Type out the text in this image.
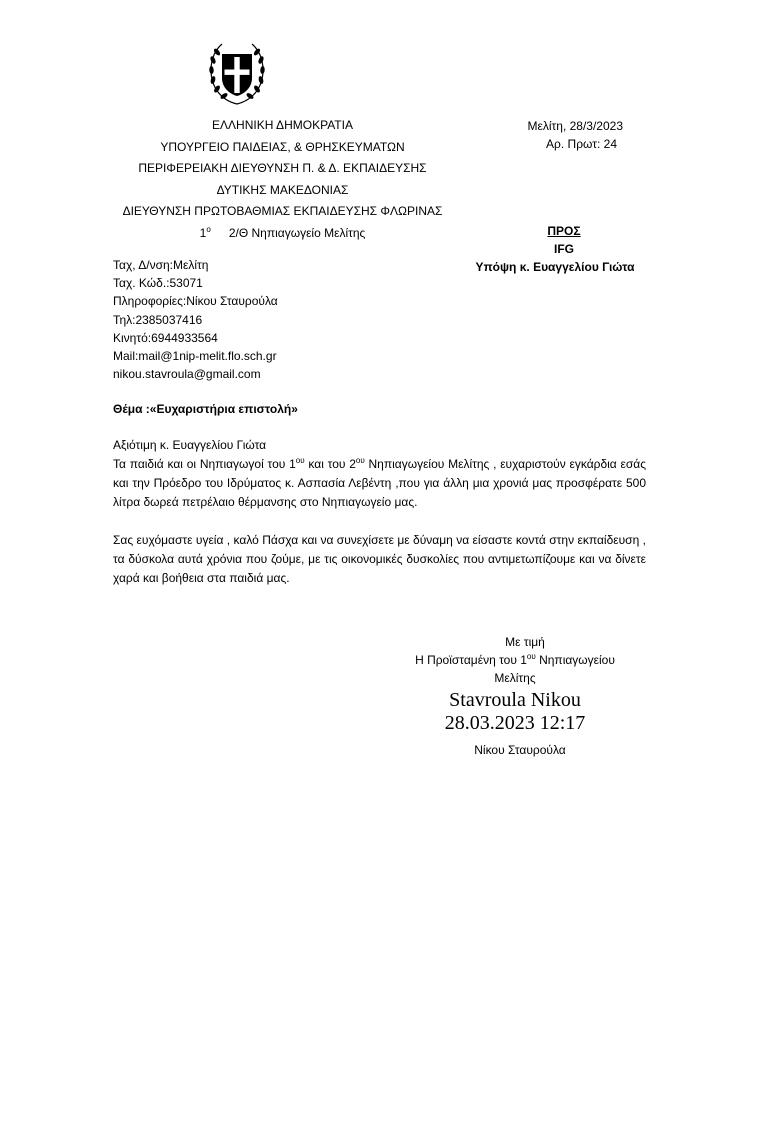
ΕΛΛΗΝΙΚΗ ΔΗΜΟΚΡΑΤΙΑ
ΥΠΟΥΡΓΕΙΟ ΠΑΙΔΕΙΑΣ, & ΘΡΗΣΚΕΥΜΑΤΩΝ
ΠΕΡΙΦΕΡΕΙΑΚΗ ΔΙΕΥΘΥΝΣΗ Π. & Δ. ΕΚΠΑΙΔΕΥΣΗΣ
ΔΥΤΙΚΗΣ ΜΑΚΕΔΟΝΙΑΣ
ΔΙΕΥΘΥΝΣΗ ΠΡΩΤΟΒΑΘΜΙΑΣ ΕΚΠΑΙΔΕΥΣΗΣ ΦΛΩΡΙΝΑΣ
$1^o$ 2/Θ Νηπιαγωγείο Μελίτης
Μελίτη, 28/3/2023
Αρ. Πρωτ: 24
ΠΡΟΣ
IFG
Υπόψη κ. Ευαγγελίου Γιώτα
Ταχ, Δ/νση:Μελίτη
Ταχ. Κώδ.:53071
Πληροφορίες:Νίκου Σταυρούλα
Τηλ:2385037416
Κινητό:6944933564
Mail:mail@1nip-melit.flo.sch.gr
nikou.stavroula@gmail.com
Θέμα :«Ευχαριστήρια επιστολή»

Αξιότιμη κ. Ευαγγελίου Γιώτα

Τα παιδιά και οι Νηπιαγωγοί του $1^{o\upsilon}$ και του $2^{o\upsilon}$ Νηπιαγωγείου Μελίτης , ευχαριστούν εγκάρδια εσάς και την Πρόεδρο του Ιδρύματος κ. Ασπασία Λεβέντη ,που για άλλη μια χρονιά μας προσφέρατε 500 λίτρα δωρεά πετρέλαιο θέρμανσης στο Νηπιαγωγείο μας.

Σας ευχόμαστε υγεία , καλό Πάσχα και να συνεχίσετε με δύναμη να είσαστε κοντά στην εκπαίδευση , τα δύσκολα αυτά χρόνια που ζούμε, με τις οικονομικές δυσκολίες που αντιμετωπίζουμε και να δίνετε χαρά και βοήθεια στα παιδιά μας.

Με τιμή
Η Προϊσταμένη του $1^{o\upsilon}$ Νηπιαγωγείου
Μελίτης
Stavroula Nikou
28.03.2023 12:17
Νίκου Σταυρούλα
